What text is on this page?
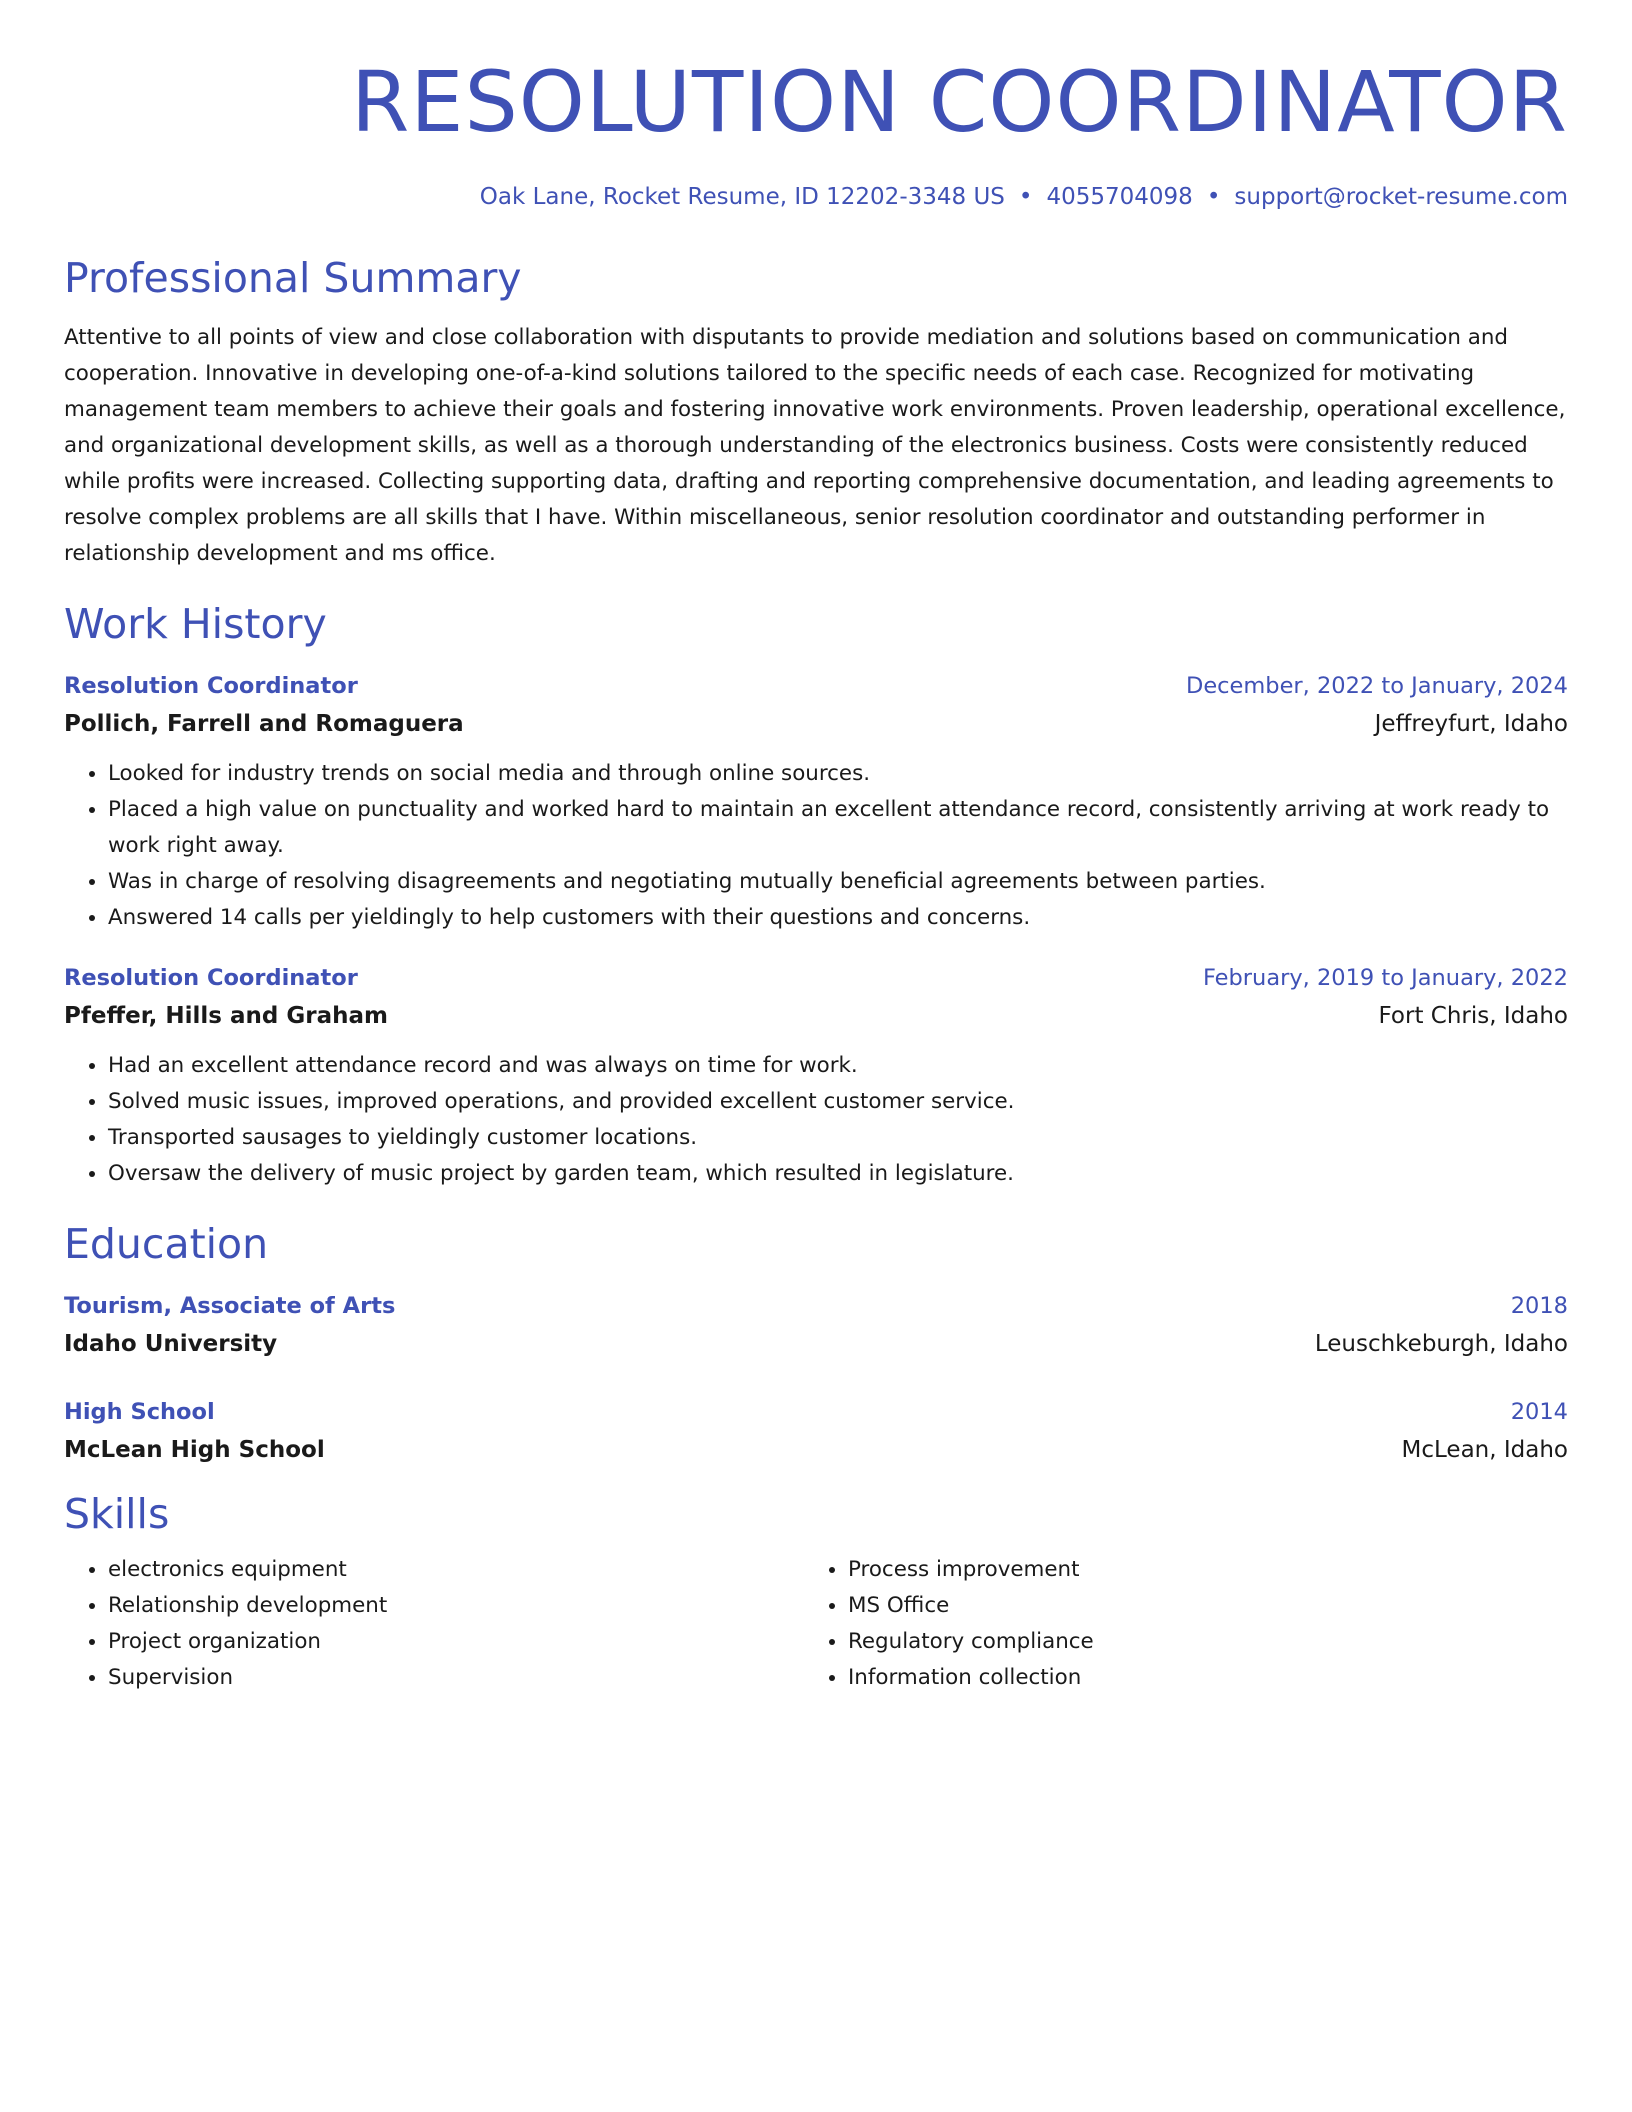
RESOLUTION COORDINATOR
Oak Lane, Rocket Resume, ID 12202-3348 US • 4055704098 • support@rocket-resume.com
Professional Summary
Attentive to all points of view and close collaboration with disputants to provide mediation and solutions based on communication and cooperation. Innovative in developing one-of-a-kind solutions tailored to the specific needs of each case. Recognized for motivating management team members to achieve their goals and fostering innovative work environments. Proven leadership, operational excellence, and organizational development skills, as well as a thorough understanding of the electronics business. Costs were consistently reduced while profits were increased. Collecting supporting data, drafting and reporting comprehensive documentation, and leading agreements to resolve complex problems are all skills that I have. Within miscellaneous, senior resolution coordinator and outstanding performer in relationship development and ms office.
Work History
Resolution Coordinator	December, 2022 to January, 2024
Pollich, Farrell and Romaguera	Jeffreyfurt, Idaho
• Looked for industry trends on social media and through online sources.
• Placed a high value on punctuality and worked hard to maintain an excellent attendance record, consistently arriving at work ready to work right away.
• Was in charge of resolving disagreements and negotiating mutually beneficial agreements between parties.
• Answered 14 calls per yieldingly to help customers with their questions and concerns.
Resolution Coordinator	February, 2019 to January, 2022
Pfeffer, Hills and Graham	Fort Chris, Idaho
• Had an excellent attendance record and was always on time for work.
• Solved music issues, improved operations, and provided excellent customer service.
• Transported sausages to yieldingly customer locations.
• Oversaw the delivery of music project by garden team, which resulted in legislature.
Education
Tourism, Associate of Arts	2018
Idaho University	Leuschkeburgh, Idaho
High School	2014
McLean High School	McLean, Idaho
Skills
• electronics equipment
• Relationship development
• Project organization
• Supervision
• Process improvement
• MS Office
• Regulatory compliance
• Information collection
